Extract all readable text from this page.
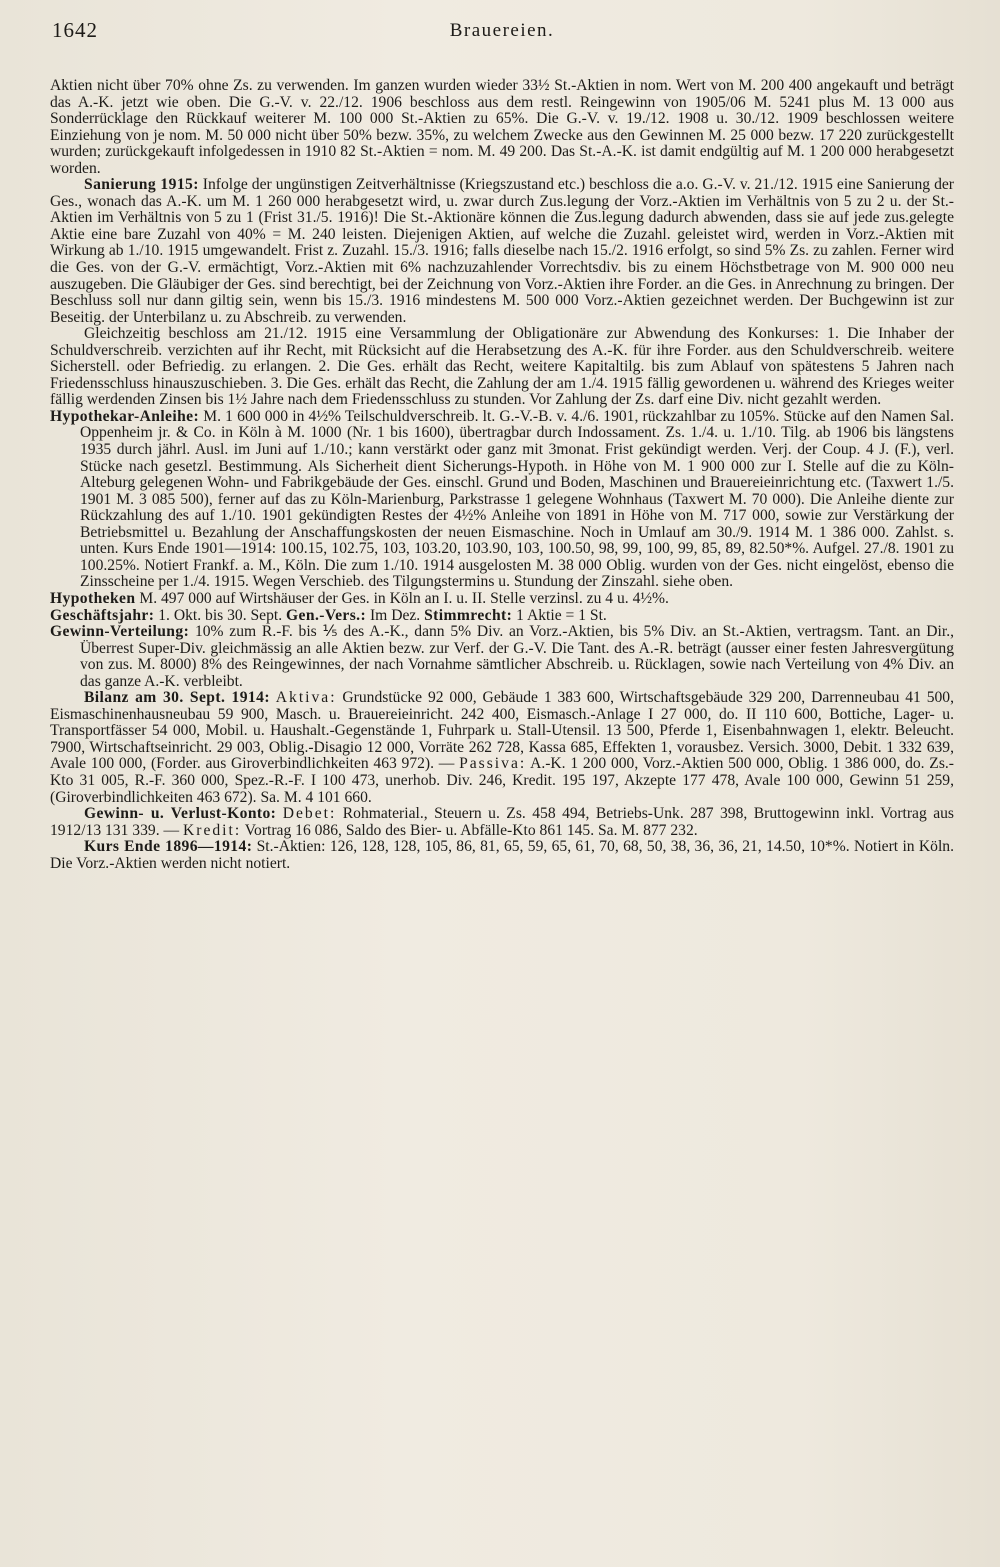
1642	Brauereien.

Aktien nicht über 70% ohne Zs. zu verwenden. Im ganzen wurden wieder 33½ St.-Aktien in nom. Wert von M. 200 400 angekauft und beträgt das A.-K. jetzt wie oben. Die G.-V. v. 22./12. 1906 beschloss aus dem restl. Reingewinn von 1905/06 M. 5241 plus M. 13 000 aus Sonderrücklage den Rückkauf weiterer M. 100 000 St.-Aktien zu 65%. Die G.-V. v. 19./12. 1908 u. 30./12. 1909 beschlossen weitere Einziehung von je nom. M. 50 000 nicht über 50% bezw. 35%, zu welchem Zwecke aus den Gewinnen M. 25 000 bezw. 17 220 zurückgestellt wurden; zurückgekauft infolgedessen in 1910 82 St.-Aktien = nom. M. 49 200. Das St.-A.-K. ist damit endgültig auf M. 1 200 000 herabgesetzt worden.

Sanierung 1915: Infolge der ungünstigen Zeitverhältnisse (Kriegszustand etc.) beschloss die a.o. G.-V. v. 21./12. 1915 eine Sanierung der Ges., wonach das A.-K. um M. 1 260 000 herabgesetzt wird, u. zwar durch Zus.legung der Vorz.-Aktien im Verhältnis von 5 zu 2 u. der St.-Aktien im Verhältnis von 5 zu 1 (Frist 31./5. 1916)! Die St.-Aktionäre können die Zus.legung dadurch abwenden, dass sie auf jede zus.gelegte Aktie eine bare Zuzahl von 40% = M. 240 leisten. Diejenigen Aktien, auf welche die Zuzahl. geleistet wird, werden in Vorz.-Aktien mit Wirkung ab 1./10. 1915 umgewandelt. Frist z. Zuzahl. 15./3. 1916; falls dieselbe nach 15./2. 1916 erfolgt, so sind 5% Zs. zu zahlen. Ferner wird die Ges. von der G.-V. ermächtigt, Vorz.-Aktien mit 6% nachzuzahlender Vorrechtsdiv. bis zu einem Höchstbetrage von M. 900 000 neu auszugeben. Die Gläubiger der Ges. sind berechtigt, bei der Zeichnung von Vorz.-Aktien ihre Forder. an die Ges. in Anrechnung zu bringen. Der Beschluss soll nur dann giltig sein, wenn bis 15./3. 1916 mindestens M. 500 000 Vorz.-Aktien gezeichnet werden. Der Buchgewinn ist zur Beseitig. der Unterbilanz u. zu Abschreib. zu verwenden.

Gleichzeitig beschloss am 21./12. 1915 eine Versammlung der Obligationäre zur Abwendung des Konkurses: 1. Die Inhaber der Schuldverschreib. verzichten auf ihr Recht, mit Rücksicht auf die Herabsetzung des A.-K. für ihre Forder. aus den Schuldverschreib. weitere Sicherstell. oder Befriedig. zu erlangen. 2. Die Ges. erhält das Recht, weitere Kapitaltilg. bis zum Ablauf von spätestens 5 Jahren nach Friedensschluss hinauszuschieben. 3. Die Ges. erhält das Recht, die Zahlung der am 1./4. 1915 fällig gewordenen u. während des Krieges weiter fällig werdenden Zinsen bis 1½ Jahre nach dem Friedensschluss zu stunden. Vor Zahlung der Zs. darf eine Div. nicht gezahlt werden.

Hypothekar-Anleihe: M. 1 600 000 in 4½% Teilschuldverschreib. lt. G.-V.-B. v. 4./6. 1901, rückzahlbar zu 105%. Stücke auf den Namen Sal. Oppenheim jr. & Co. in Köln à M. 1000 (Nr. 1 bis 1600), übertragbar durch Indossament. Zs. 1./4. u. 1./10. Tilg. ab 1906 bis längstens 1935 durch jährl. Ausl. im Juni auf 1./10.; kann verstärkt oder ganz mit 3monat. Frist gekündigt werden. Verj. der Coup. 4 J. (F.), verl. Stücke nach gesetzl. Bestimmung. Als Sicherheit dient Sicherungs-Hypoth. in Höhe von M. 1 900 000 zur I. Stelle auf die zu Köln-Alteburg gelegenen Wohn- und Fabrikgebäude der Ges. einschl. Grund und Boden, Maschinen und Brauereieinrichtung etc. (Taxwert 1./5. 1901 M. 3 085 500), ferner auf das zu Köln-Marienburg, Parkstrasse 1 gelegene Wohnhaus (Taxwert M. 70 000). Die Anleihe diente zur Rückzahlung des auf 1./10. 1901 gekündigten Restes der 4½% Anleihe von 1891 in Höhe von M. 717 000, sowie zur Verstärkung der Betriebsmittel u. Bezahlung der Anschaffungskosten der neuen Eismaschine. Noch in Umlauf am 30./9. 1914 M. 1 386 000. Zahlst. s. unten. Kurs Ende 1901—1914: 100.15, 102.75, 103, 103.20, 103.90, 103, 100.50, 98, 99, 100, 99, 85, 89, 82.50*%. Aufgel. 27./8. 1901 zu 100.25%. Notiert Frankf. a. M., Köln. Die zum 1./10. 1914 ausgelosten M. 38 000 Oblig. wurden von der Ges. nicht eingelöst, ebenso die Zinsscheine per 1./4. 1915. Wegen Verschieb. des Tilgungstermins u. Stundung der Zinszahl. siehe oben.

Hypotheken M. 497 000 auf Wirtshäuser der Ges. in Köln an I. u. II. Stelle verzinsl. zu 4 u. 4½%.

Geschäftsjahr: 1. Okt. bis 30. Sept. Gen.-Vers.: Im Dez. Stimmrecht: 1 Aktie = 1 St.

Gewinn-Verteilung: 10% zum R.-F. bis ⅕ des A.-K., dann 5% Div. an Vorz.-Aktien, bis 5% Div. an St.-Aktien, vertragsm. Tant. an Dir., Überrest Super-Div. gleichmässig an alle Aktien bezw. zur Verf. der G.-V. Die Tant. des A.-R. beträgt (ausser einer festen Jahresvergütung von zus. M. 8000) 8% des Reingewinnes, der nach Vornahme sämtlicher Abschreib. u. Rücklagen, sowie nach Verteilung von 4% Div. an das ganze A.-K. verbleibt.

Bilanz am 30. Sept. 1914: Aktiva: Grundstücke 92 000, Gebäude 1 383 600, Wirtschaftsgebäude 329 200, Darrenneubau 41 500, Eismaschinenhausneubau 59 900, Masch. u. Brauereieinricht. 242 400, Eismasch.-Anlage I 27 000, do. II 110 600, Bottiche, Lager- u. Transportfässer 54 000, Mobil. u. Haushalt.-Gegenstände 1, Fuhrpark u. Stall-Utensil. 13 500, Pferde 1, Eisenbahnwagen 1, elektr. Beleucht. 7900, Wirtschaftseinricht. 29 003, Oblig.-Disagio 12 000, Vorräte 262 728, Kassa 685, Effekten 1, vorausbez. Versich. 3000, Debit. 1 332 639, Avale 100 000, (Forder. aus Giroverbindlichkeiten 463 972). — Passiva: A.-K. 1 200 000, Vorz.-Aktien 500 000, Oblig. 1 386 000, do. Zs.-Kto 31 005, R.-F. 360 000, Spez.-R.-F. I 100 473, unerhob. Div. 246, Kredit. 195 197, Akzepte 177 478, Avale 100 000, Gewinn 51 259, (Giroverbindlichkeiten 463 672). Sa. M. 4 101 660.

Gewinn- u. Verlust-Konto: Debet: Rohmaterial., Steuern u. Zs. 458 494, Betriebs-Unk. 287 398, Bruttogewinn inkl. Vortrag aus 1912/13 131 339. — Kredit: Vortrag 16 086, Saldo des Bier- u. Abfälle-Kto 861 145. Sa. M. 877 232.

Kurs Ende 1896—1914: St.-Aktien: 126, 128, 128, 105, 86, 81, 65, 59, 65, 61, 70, 68, 50, 38, 36, 36, 21, 14.50, 10*%. Notiert in Köln. Die Vorz.-Aktien werden nicht notiert.
